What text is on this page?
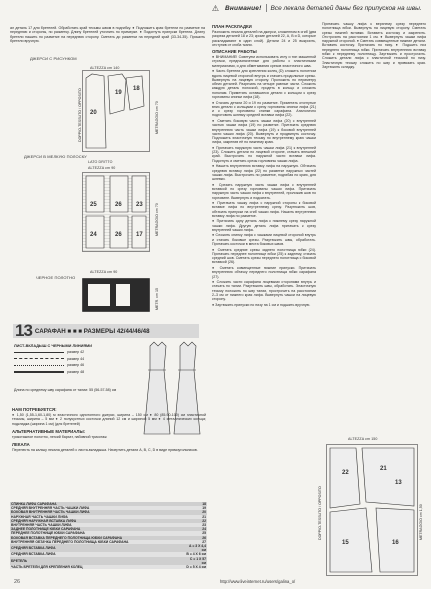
⚠ Внимание! Все лекала деталей даны без припусков на швы.

ал деталь 17 для бретелей. Обработать край тесьмы швом в подгибку. ● Подложить края бретели по разметке на переднюю и стороны, по разметку. Длину бретелей уточнить по примерке. ● Подогнуть припуски бретели. Длину бретели нашить по разметке на переднюю сторону. Сметать до разметки на передний край (33-34-35). Пришить бретели вручную.

ДЖЕРСИ С РИСУНКОМ
ALTEZZA cm 140
DOPPIO-TESSUTO / OPPOSITO	METRAGGIO cm 70
20
19
18
ДЖЕРСИ В МЕЛКУЮ ПОЛОСКУ
LATO DRITTO
ALTEZZA cm 90
METRAGGIO cm 70
25	26 23
24	26 17
ЧЕРНОЕ ПОЛОТНО
ALTEZZA cm 90
METR. cm 15
13 САРАФАН ■ ■ ■ РАЗМЕРЫ 42/44/46/48
ЛИСТ-ВКЛАДЫШ С ЧЕРНЫМИ ЛИНИЯМИ
размер 42
размер 44
размер 46
размер 48

Длина по среднему шву сарафана от талии: 55 (56-57-58) см

НАМ ПОТРЕБУЕТСЯ:

● 1,50 (1,55-1,60-1,80) м эластичного однотонного джерси, ширина – 150 см ● 80 (85-90-100) см эластичной тесьмы, ширина – 5 мм ● 2 полукустных косточки длиной 12 см и шириной 5 мм ● 4 металлических кольца; подкладка (ширина 1 см) (для бретелей)

АЛЬТЕРНАТИВНЫЕ МАТЕРИАЛЫ:

трикотажное полотно, легкий бархат, набивной трикотаж

ЛЕКАЛА

Перенесть на кальку лекала деталей с листа-вкладыша. Начертить детали А, В, С, D в виде прямоугольников.

СПИНКА ЛИФА САРАФАНА	18
СРЕДНЯЯ ВНУТРЕННЯЯ ЧАСТЬ ЧАШКИ ЛИФА	19
БОКОВАЯ ВНУТРЕННЯЯ ЧАСТЬ ЧАШКИ ЛИФА	20
НАРУЖНАЯ ЧАСТЬ ЧАШКИ ЛИФА	21
СРЕДНЯЯ НАРУЖНАЯ ВСТАВКА ЛИФА	22
ВНУТРЕННЯЯ ЧАСТЬ ЧАШКИ ЛИФА	23
ЗАДНЕЕ ПОЛОТНИЩЕ ЮБКИ САРАФАНА	24
ПЕРЕДНЕЕ ПОЛОТНИЩЕ ЮБКИ САРАФАНА	25
БОКОВАЯ ВСТАВКА ПЕРЕДНЕГО ПОЛОТНИЩА ЮБКИ САРАФАНА	26
ВНУТРЕННЯЯ ОБТАЧКА ПЕРЕДНЕГО ПОЛОТНИЩА ЮБКИ САРАФАНА	27
СРЕДНЯЯ ВСТАВКА ЛИФА	А = 3 Х 4,4 см
СРЕДНЯЯ ВСТАВКА ЛИФА	В = 4 Х 6 см
БРЕТЕЛЬ	С = 1 Х 57 см
ЧАСТЬ БРЕТЕЛИ ДЛЯ КРЕПЛЕНИЯ КОЛЕЦ	D = 5 Х 4 см
ПЛАН РАСКЛАДКИ

Разложить лекала деталей на джерси, сложенном в сгиб (два разреза деталей 18 и 23; кроме деталей 22, А, В и D, которые раскладывают в один слой). Детали 24 и 25 выкроить, отступив от сгиба ткани.

ОПИСАНИЕ РАБОТЫ

● ВНИМАНИЕ! Советуем использовать иглу и тип машинной строчки, предназначенные для работы с эластичными материалами, и для обметывания срезов эластичного шва.

● Часть бретели для крепления колец (D) сложить полотном вдоль лицевой стороной внутрь и стачать продольные срезы. Вывернуть на лицевую сторону. Проложить по периметру обеих деталей. Разрезать на четыре равные части. Сложить каждую деталь полоской, продеть в кольцо и сложить пополам. Приметать оставшиеся детали с кольцом к срезу горловины спинки лифа (18).

● Стачать детали 20 и 19 по разметке. Приметать отогнутые вниз детали с кольцами к срезу горловины спинки лифа (21) и к срезу горловины спинки сарафана. Аналогично подготовить шлевку средней вставки лифа (22).

● Сметать боковую часть чашки лифа (20) с внутренней частью чашки лифа (19) по разметке. Притачать среднюю внутреннюю часть чашки лифа (19) к боковой внутренней части чашки лифа (20). Вывернуть и продвинуть косточку. Подложить эластичную тесьму по внутреннему краю чашки лифа, закрепив её по нижнему краю.

● Притачать наружную часть чашки лифа (21) к внутренней (23). Сложить детали по лицевой стороне, стачать внешний край. Выстрочить по наружной части вставки лифа. Подогнуть и сметать срезы горловины чашки лифа.

● Нашить внутреннюю вставку лифа на наружную. Обтачать среднюю вставку лифа (22) по разметке наружных частей чашки лифа. Выстрочить по разметке, подгибая по краю, для шлевки.

● Срезать наружную часть чашки лифа с внутренней вставкой по срезу горловины чашки лифа. Притачать наружную часть чашки лифа к внутренней, проложив шов по горловине. Вывернуть и подкатать.

● Притачать чашку лифа с наружной стороны к боковой вставке лифа по внутреннему срезу. Разутюжить шов, обтачать припуски на сгиб чашки лифа. Нашить внутреннюю вставку лифа по разметке.

● Притачать одну деталь лифа к нижнему срезу наружной чашки лифа. Другую деталь лифа притачать к срезу внутренней чашки лифа.

● Сложить спинку лифа с чашками лицевой стороной внутрь и стачать боковые срезы. Разутюжить швы, обработать. Притачать косточки в места боковых швов.

● Сметать средние срезы заднего полотнища юбки (24). Притачать переднее полотнище юбки (25) к заднему, стачать средний шов. Сметать срезы переднего полотнища с боковой вставкой (26).

● Сметать совмещенные нижние припуски. Притачать внутреннюю обтачку переднего полотнища юбки сарафана (27).

● Сложить части сарафана лицевыми сторонами внутрь и стачать по талии. Разутюжить швы, обработать. Эластичную тесьму положить по шву талии, прострочить на расстоянии 2–3 см от нижнего края лифа. Вывернуть чашки на лицевую сторону.

● Заутюжить припуски по низу на 1 см и подшить вручную.

Притачать чашку лифа к верхнему срезу переднего полотнища юбки. Вывернуть на лицевую сторону. Сметать срезы нижней вставки. Вставить косточку и закрепить. Отстрочить на расстоянии 1 см. ● Вывернуть чашки лифа наружной стороной. ● Сметать совмещенные нижние детали. Вставить косточку. Притачать по низу. ● Подшить низ переднего полотнища юбки. Притачать внутреннюю вставку юбки к переднему полотнищу. Заутюжить и прострочить. Сложить детали лифа с эластичной тесьмой по низу. Эластичную тесьму сложить по шву и привязать края. Заутюжить складку.

ALTEZZA cm 150
METRAGGIO cm 1,50
DOPPIO-TESSUTO / OPPOSITO
22
21
13
15	16
26	http://www.liveinternet.ru/users/galina_o/
